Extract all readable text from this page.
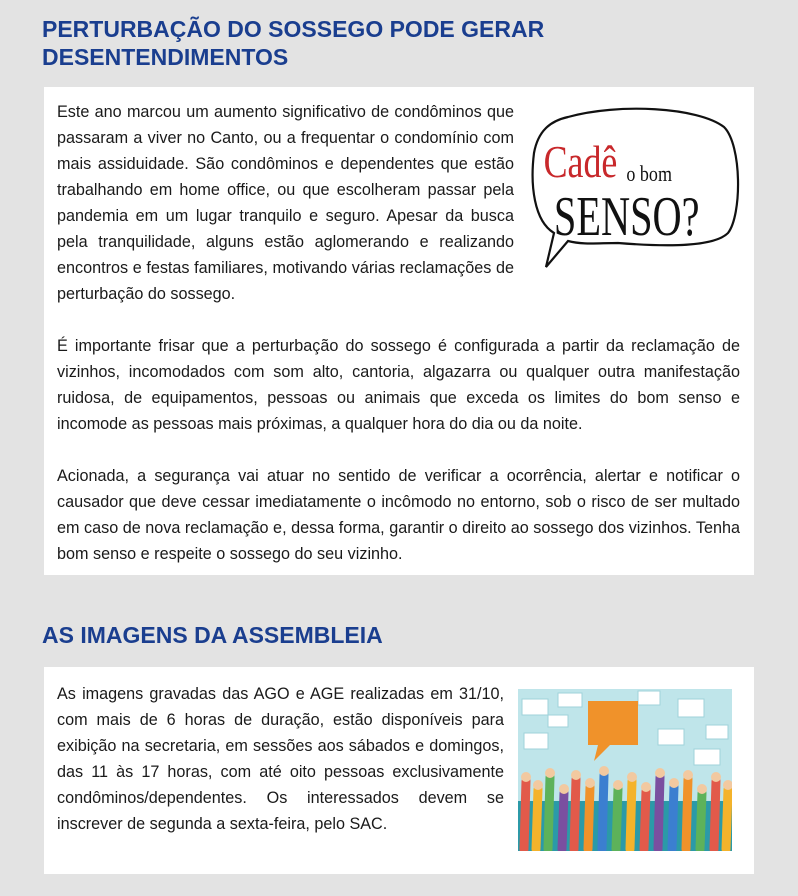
PERTURBAÇÃO DO SOSSEGO PODE GERAR DESENTENDIMENTOS
Cadê o bom
SENSO?

Este ano marcou um aumento significativo de condôminos que passaram a viver no Canto, ou a frequentar o condomínio com mais assiduidade. São condôminos e dependentes que estão trabalhando em home office, ou que escolheram passar pela pandemia em um lugar tranquilo e seguro. Apesar da busca pela tranquilidade, alguns estão aglomerando e realizando encontros e festas familiares, motivando várias reclamações de perturbação do sossego.

É importante frisar que a perturbação do sossego é configurada a partir da reclamação de vizinhos, incomodados com som alto, cantoria, algazarra ou qualquer outra manifestação ruidosa, de equipamentos, pessoas ou animais que exceda os limites do bom senso e incomode as pessoas mais próximas, a qualquer hora do dia ou da noite.

Acionada, a segurança vai atuar no sentido de verificar a ocorrência, alertar e notificar o causador que deve cessar imediatamente o incômodo no entorno, sob o risco de ser multado em caso de nova reclamação e, dessa forma, garantir o direito ao sossego dos vizinhos. Tenha bom senso e respeite o sossego do seu vizinho.

AS IMAGENS DA ASSEMBLEIA

As imagens gravadas das AGO e AGE realizadas em 31/10, com mais de 6 horas de duração, estão disponíveis para exibição na secretaria, em sessões aos sábados e domingos, das 11 às 17 horas, com até oito pessoas exclusivamente condôminos/dependentes. Os interessados devem se inscrever de segunda a sexta-feira, pelo SAC.
